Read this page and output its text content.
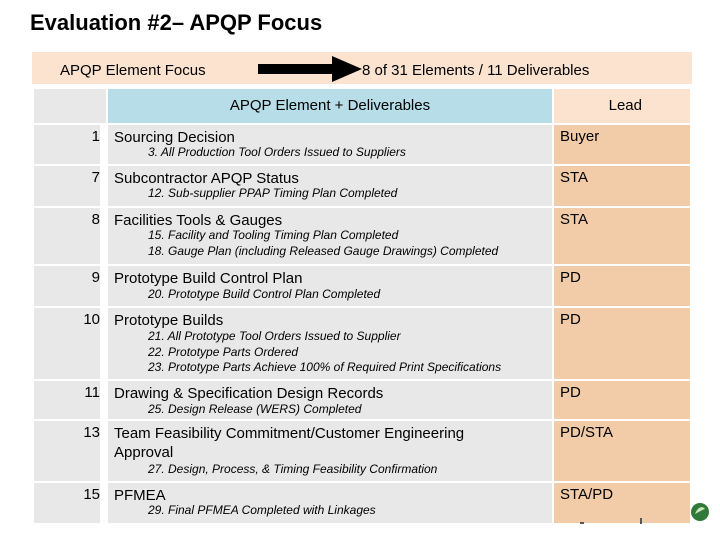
Evaluation #2– APQP Focus
APQP Element Focus	8 of 31 Elements / 11 Deliverables
APQP Element + Deliverables	Lead
1 Sourcing Decision
3. All Production Tool Orders Issued to Suppliers
Buyer
7 Subcontractor APQP Status
12. Sub-supplier PPAP Timing Plan Completed
STA
8 Facilities Tools & Gauges
15. Facility and Tooling Timing Plan Completed
18. Gauge Plan (including Released Gauge Drawings) Completed
STA
9 Prototype Build Control Plan
20. Prototype Build Control Plan Completed
PD
10 Prototype Builds
21. All Prototype Tool Orders Issued to Supplier
22. Prototype Parts Ordered
23. Prototype Parts Achieve 100% of Required Print Specifications
PD
11 Drawing & Specification Design Records
25. Design Release (WERS) Completed
PD
13 Team Feasibility Commitment/Customer Engineering Approval
27. Design, Process, & Timing Feasibility Confirmation
PD/STA
15 PFMEA
29. Final PFMEA Completed with Linkages
STA/PD
